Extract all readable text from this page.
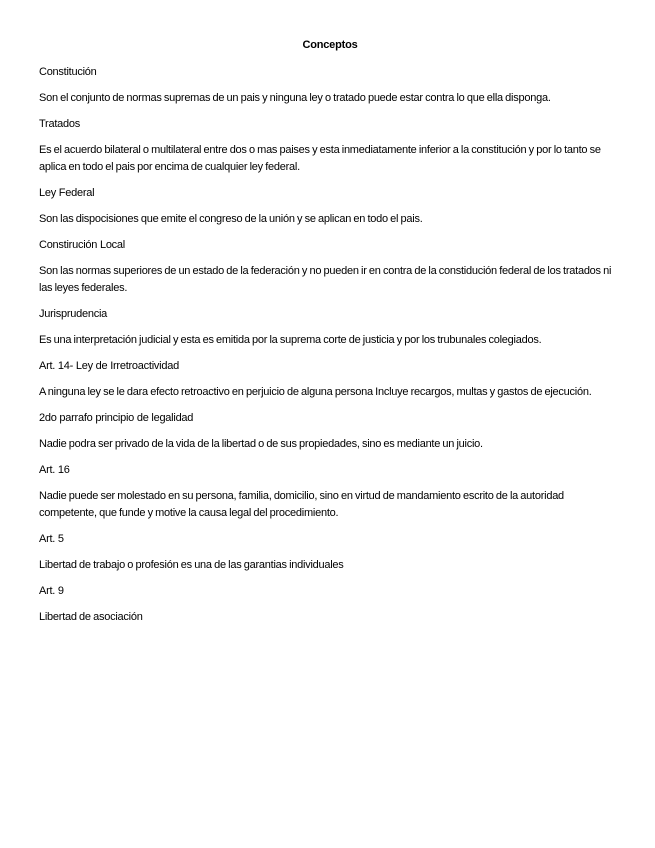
Conceptos
Constitución
Son el conjunto de normas supremas de un pais y ninguna ley o tratado puede estar contra lo que ella disponga.
Tratados
Es el acuerdo bilateral o multilateral entre dos o mas paises y esta inmediatamente inferior a la constitución y por lo tanto se aplica en todo el pais por encima de cualquier ley federal.
Ley Federal
Son las dispocisiones que emite el congreso de la unión y se aplican en todo el pais.
Constirución Local
Son las normas superiores de un estado de la federación y no pueden ir en contra de la constidución federal de los tratados ni las leyes federales.
Jurisprudencia
Es una interpretación judicial y esta es emitida por la suprema corte de justicia y por los trubunales colegiados.
Art. 14- Ley de Irretroactividad
A ninguna ley se le dara efecto retroactivo en perjuicio de alguna persona Incluye recargos, multas y gastos de ejecución.
2do parrafo principio de legalidad
Nadie podra ser privado de la vida de la libertad o de sus propiedades, sino es mediante un juicio.
Art. 16
Nadie puede ser molestado en su persona, familia, domicilio, sino en virtud de mandamiento escrito de la autoridad competente, que funde y motive la causa legal del procedimiento.
Art. 5
Libertad de trabajo o profesión es una de las garantias individuales
Art. 9
Libertad de asociación
